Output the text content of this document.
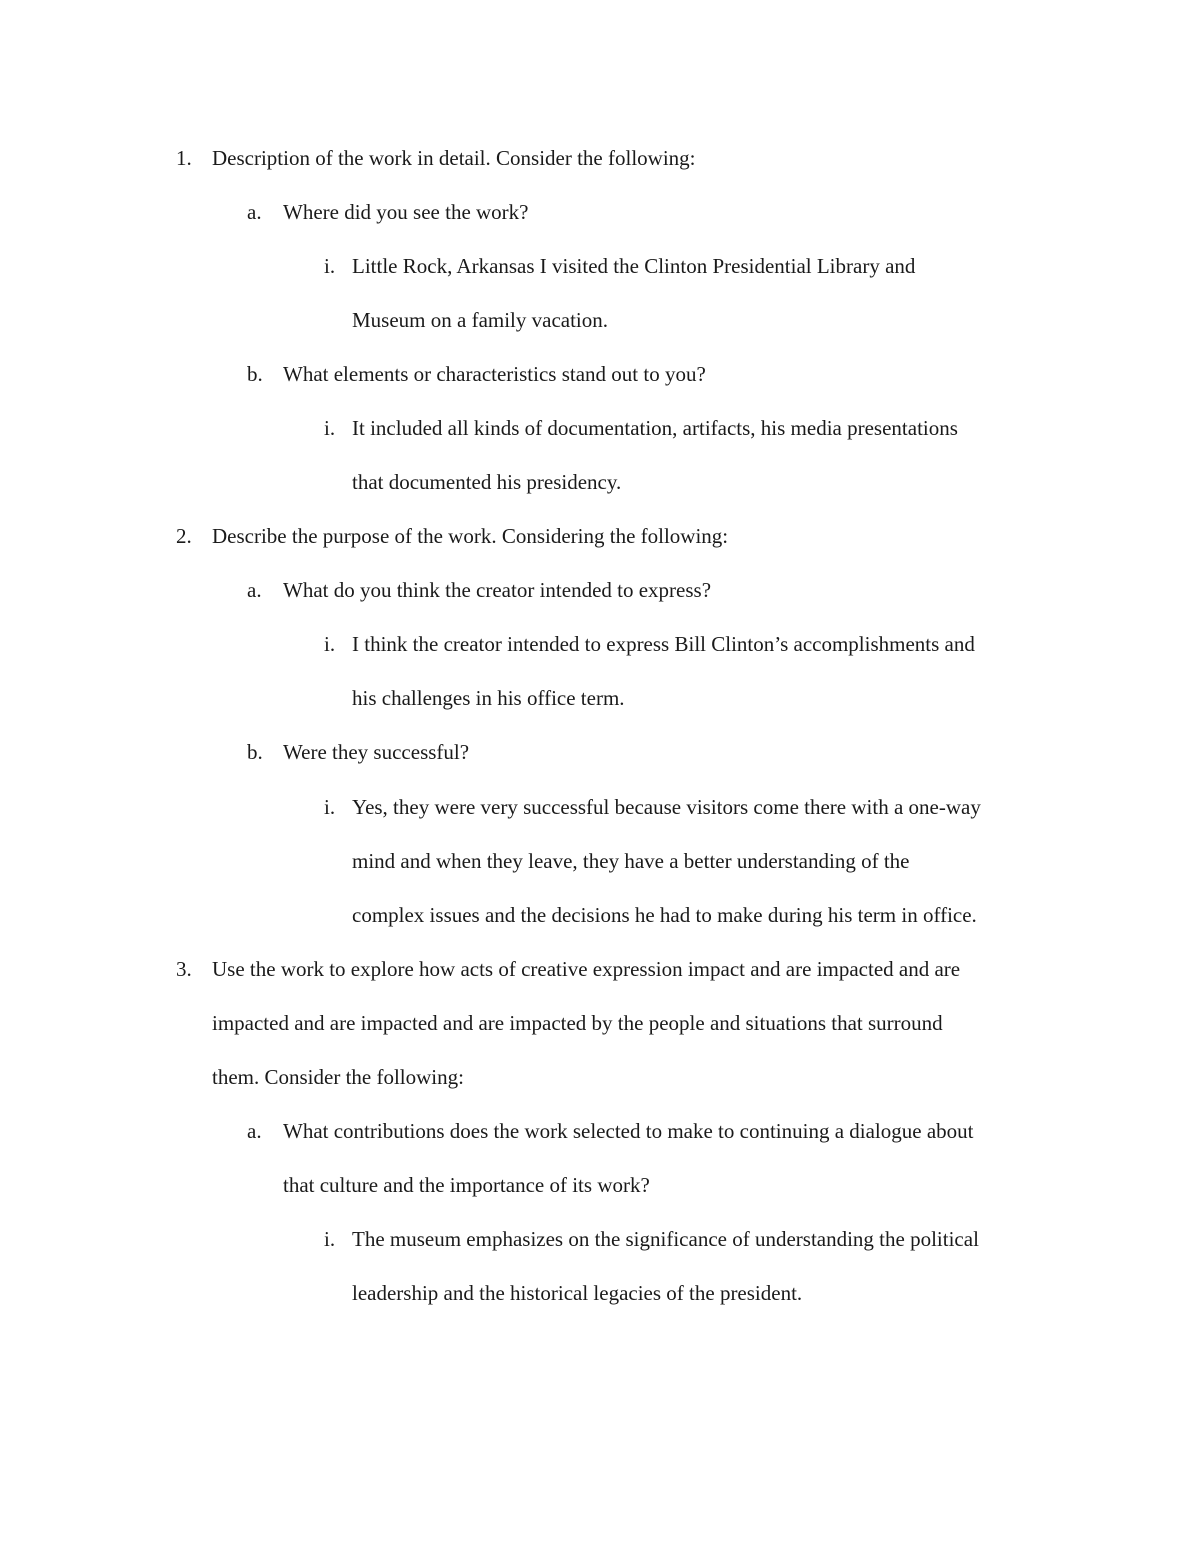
1. Description of the work in detail. Consider the following:
a. Where did you see the work?
i. Little Rock, Arkansas I visited the Clinton Presidential Library and
Museum on a family vacation.
b. What elements or characteristics stand out to you?
i. It included all kinds of documentation, artifacts, his media presentations
that documented his presidency.
2. Describe the purpose of the work. Considering the following:
a. What do you think the creator intended to express?
i. I think the creator intended to express Bill Clinton’s accomplishments and
his challenges in his office term.
b. Were they successful?
i. Yes, they were very successful because visitors come there with a one-way
mind and when they leave, they have a better understanding of the
complex issues and the decisions he had to make during his term in office.
3. Use the work to explore how acts of creative expression impact and are impacted and are
impacted and are impacted and are impacted by the people and situations that surround
them. Consider the following:
a. What contributions does the work selected to make to continuing a dialogue about
that culture and the importance of its work?
i. The museum emphasizes on the significance of understanding the political
leadership and the historical legacies of the president.
